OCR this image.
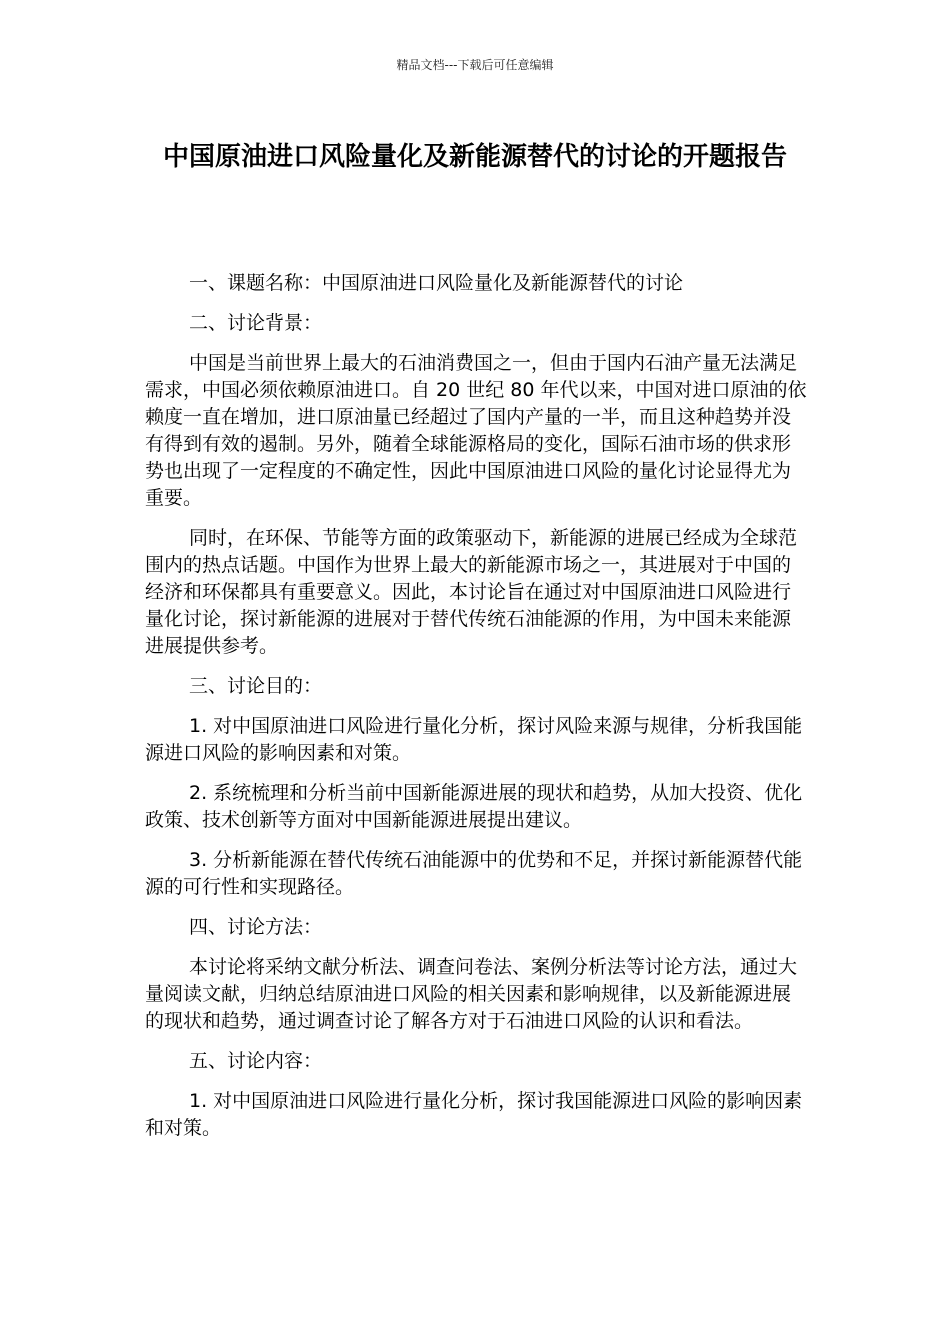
精品文档---下载后可任意编辑
中国原油进口风险量化及新能源替代的讨论的开题报告

一、课题名称：中国原油进口风险量化及新能源替代的讨论

二、讨论背景：

中国是当前世界上最大的石油消费国之一，但由于国内石油产量无法满足需求，中国必须依赖原油进口。自 20 世纪 80 年代以来，中国对进口原油的依赖度一直在增加，进口原油量已经超过了国内产量的一半，而且这种趋势并没有得到有效的遏制。另外，随着全球能源格局的变化，国际石油市场的供求形势也出现了一定程度的不确定性，因此中国原油进口风险的量化讨论显得尤为重要。

同时，在环保、节能等方面的政策驱动下，新能源的进展已经成为全球范围内的热点话题。中国作为世界上最大的新能源市场之一，其进展对于中国的经济和环保都具有重要意义。因此，本讨论旨在通过对中国原油进口风险进行量化讨论，探讨新能源的进展对于替代传统石油能源的作用，为中国未来能源进展提供参考。

三、讨论目的：

1. 对中国原油进口风险进行量化分析，探讨风险来源与规律，分析我国能源进口风险的影响因素和对策。

2. 系统梳理和分析当前中国新能源进展的现状和趋势，从加大投资、优化政策、技术创新等方面对中国新能源进展提出建议。

3. 分析新能源在替代传统石油能源中的优势和不足，并探讨新能源替代能源的可行性和实现路径。

四、讨论方法：

本讨论将采纳文献分析法、调查问卷法、案例分析法等讨论方法，通过大量阅读文献，归纳总结原油进口风险的相关因素和影响规律，以及新能源进展的现状和趋势，通过调查讨论了解各方对于石油进口风险的认识和看法。

五、讨论内容：

1. 对中国原油进口风险进行量化分析，探讨我国能源进口风险的影响因素和对策。
